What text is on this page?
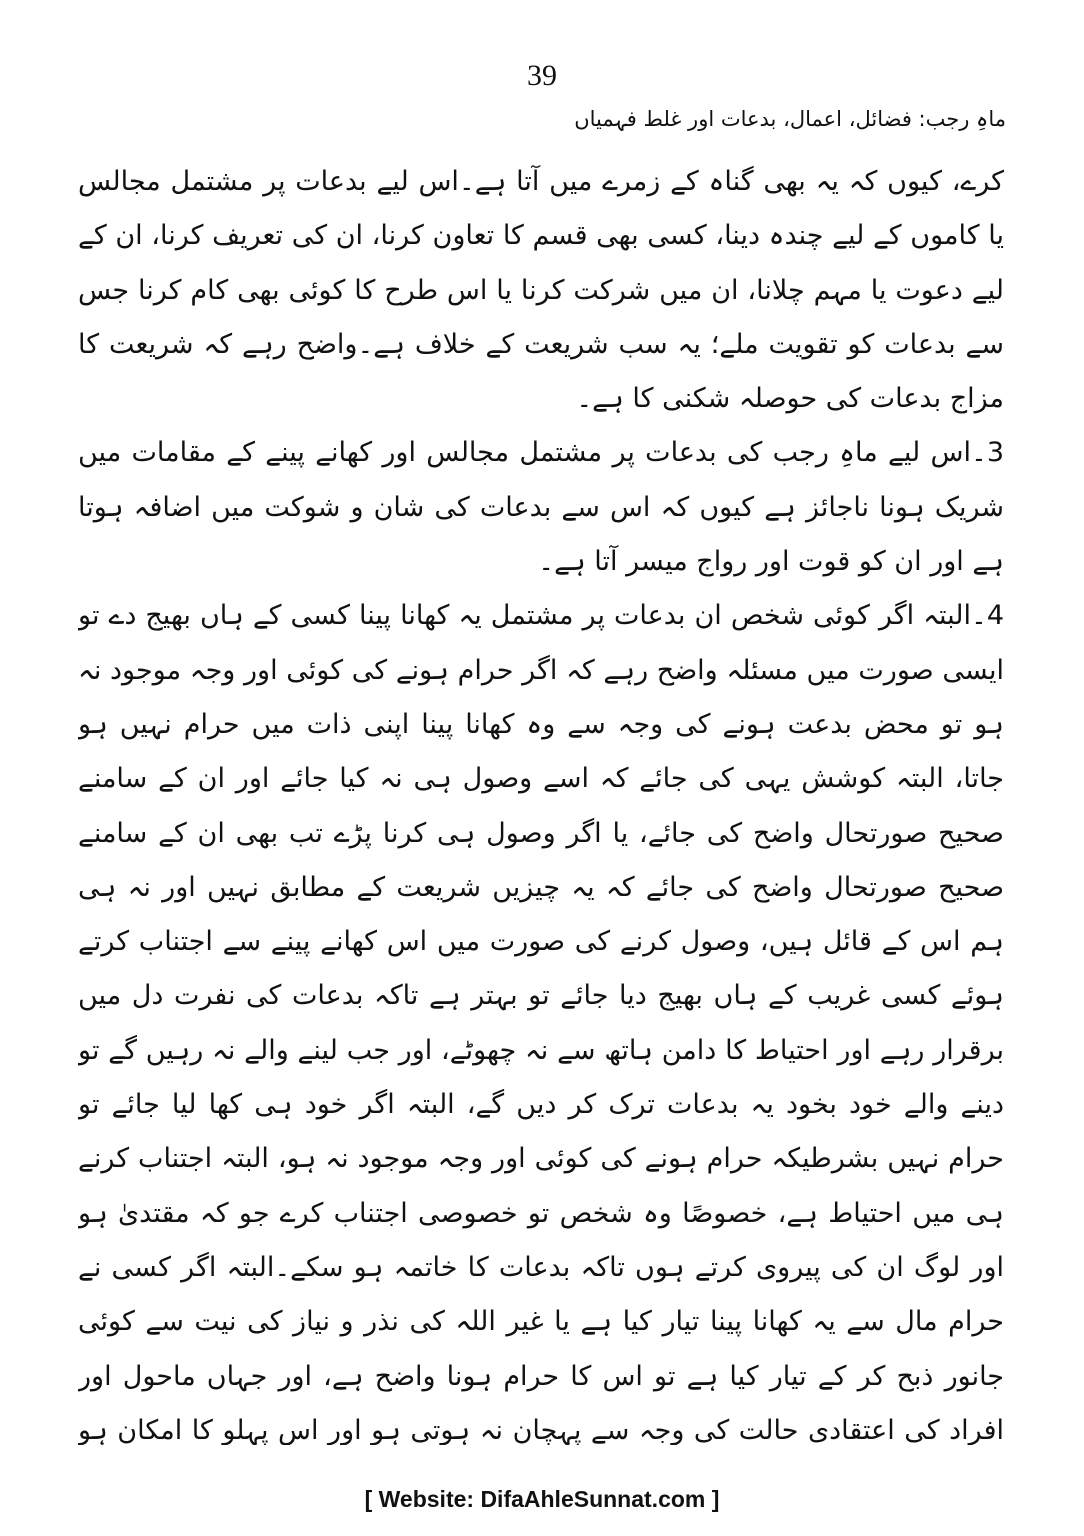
39
ماہِ رجب: فضائل، اعمال، بدعات اور غلط فہمیاں

کرے، کیوں کہ یہ بھی گناہ کے زمرے میں آتا ہے۔اس لیے بدعات پر مشتمل مجالس یا کاموں کے لیے چندہ دینا، کسی بھی قسم کا تعاون کرنا، ان کی تعریف کرنا، ان کے لیے دعوت یا مہم چلانا، ان میں شرکت کرنا یا اس طرح کا کوئی بھی کام کرنا جس سے بدعات کو تقویت ملے؛ یہ سب شریعت کے خلاف ہے۔واضح رہے کہ شریعت کا مزاج بدعات کی حوصلہ شکنی کا ہے۔

3۔اس لیے ماہِ رجب کی بدعات پر مشتمل مجالس اور کھانے پینے کے مقامات میں شریک ہونا ناجائز ہے کیوں کہ اس سے بدعات کی شان و شوکت میں اضافہ ہوتا ہے اور ان کو قوت اور رواج میسر آتا ہے۔

4۔البتہ اگر کوئی شخص ان بدعات پر مشتمل یہ کھانا پینا کسی کے ہاں بھیج دے تو ایسی صورت میں مسئلہ واضح رہے کہ اگر حرام ہونے کی کوئی اور وجہ موجود نہ ہو تو محض بدعت ہونے کی وجہ سے وہ کھانا پینا اپنی ذات میں حرام نہیں ہو جاتا، البتہ کوشش یہی کی جائے کہ اسے وصول ہی نہ کیا جائے اور ان کے سامنے صحیح صورتحال واضح کی جائے، یا اگر وصول ہی کرنا پڑے تب بھی ان کے سامنے صحیح صورتحال واضح کی جائے کہ یہ چیزیں شریعت کے مطابق نہیں اور نہ ہی ہم اس کے قائل ہیں، وصول کرنے کی صورت میں اس کھانے پینے سے اجتناب کرتے ہوئے کسی غریب کے ہاں بھیج دیا جائے تو بہتر ہے تاکہ بدعات کی نفرت دل میں برقرار رہے اور احتیاط کا دامن ہاتھ سے نہ چھوٹے، اور جب لینے والے نہ رہیں گے تو دینے والے خود بخود یہ بدعات ترک کر دیں گے، البتہ اگر خود ہی کھا لیا جائے تو حرام نہیں بشرطیکہ حرام ہونے کی کوئی اور وجہ موجود نہ ہو، البتہ اجتناب کرنے ہی میں احتیاط ہے، خصوصًا وہ شخص تو خصوصی اجتناب کرے جو کہ مقتدیٰ ہو اور لوگ ان کی پیروی کرتے ہوں تاکہ بدعات کا خاتمہ ہو سکے۔البتہ اگر کسی نے حرام مال سے یہ کھانا پینا تیار کیا ہے یا غیر اللہ کی نذر و نیاز کی نیت سے کوئی جانور ذبح کر کے تیار کیا ہے تو اس کا حرام ہونا واضح ہے، اور جہاں ماحول اور افراد کی اعتقادی حالت کی وجہ سے پہچان نہ ہوتی ہو اور اس پہلو کا امکان ہو

[ Website: DifaAhleSunnat.com ]
